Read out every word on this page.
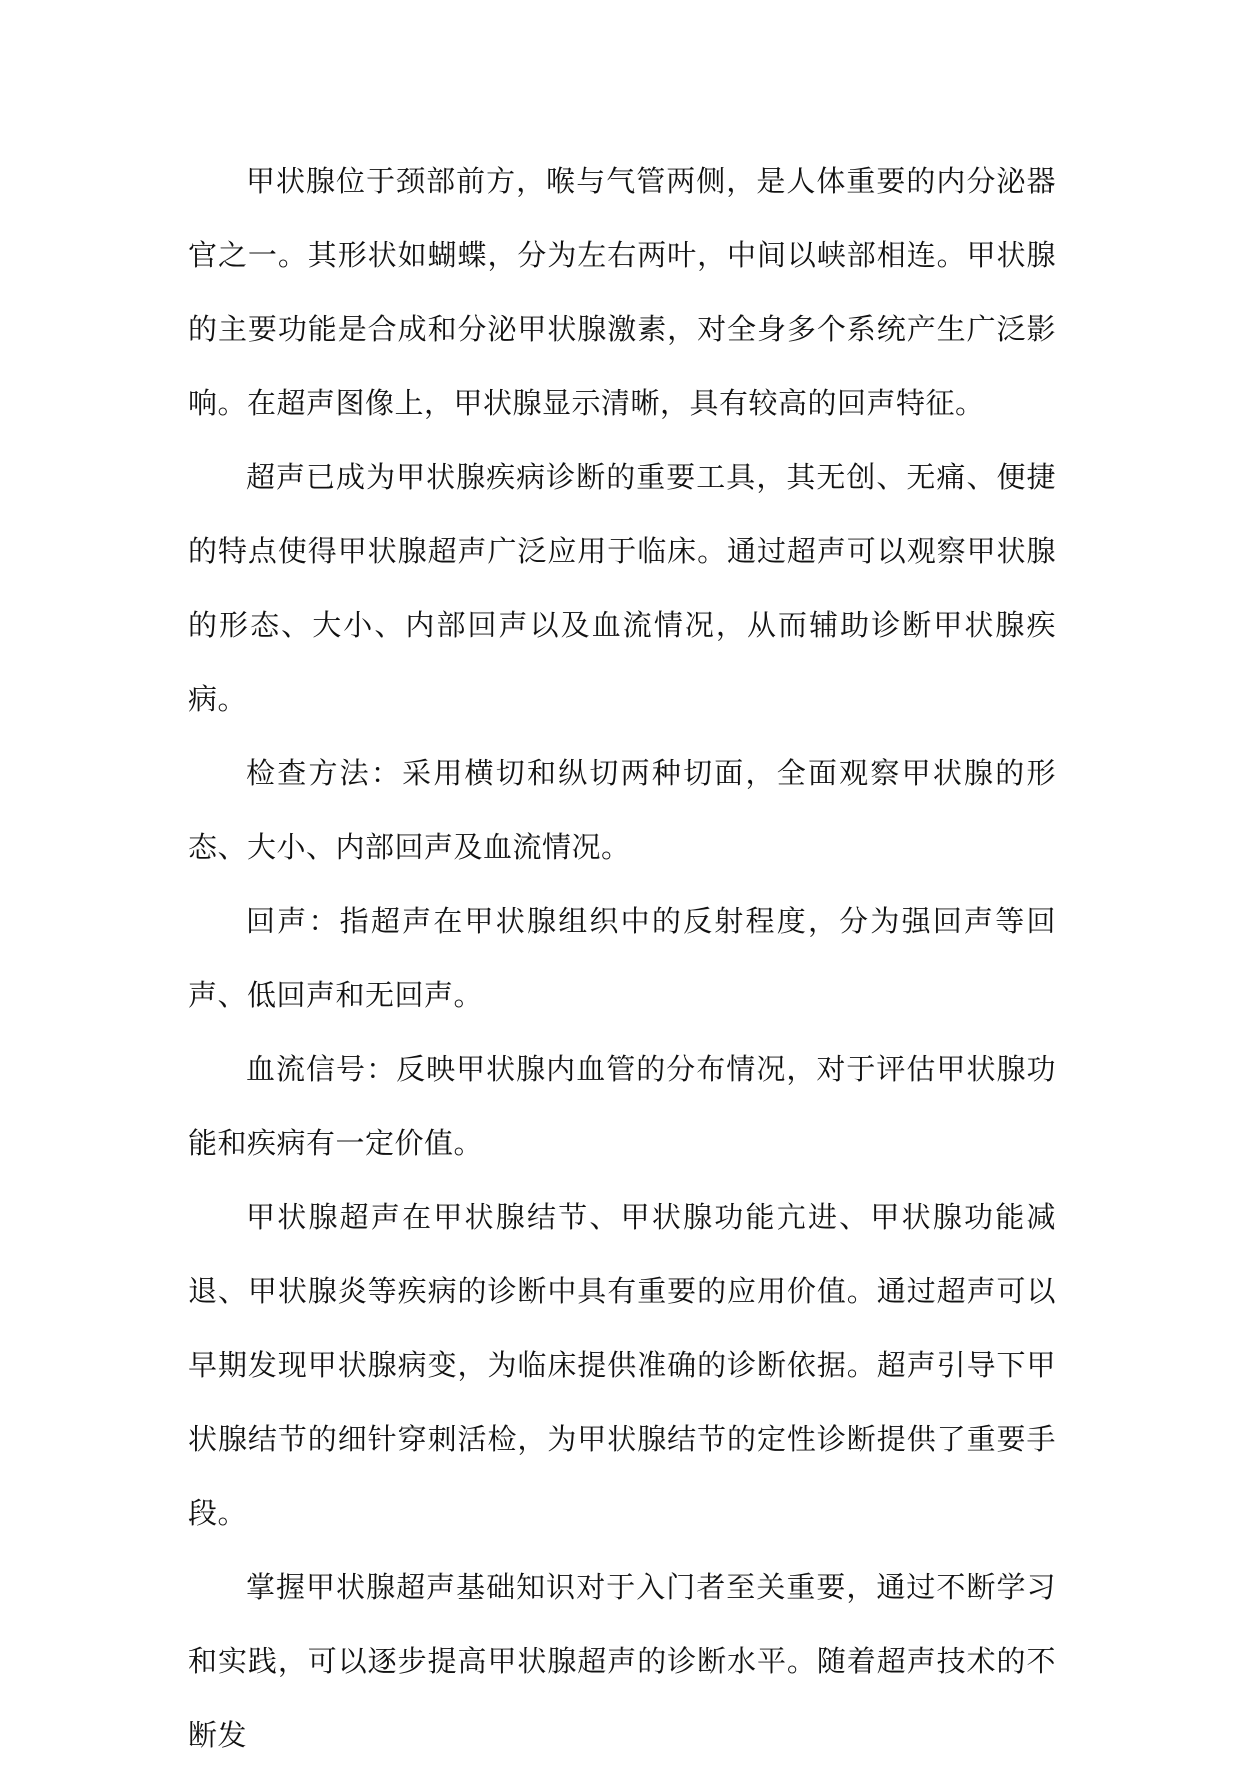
甲状腺位于颈部前方，喉与气管两侧，是人体重要的内分泌器官之一。其形状如蝴蝶，分为左右两叶，中间以峡部相连。甲状腺的主要功能是合成和分泌甲状腺激素，对全身多个系统产生广泛影响。在超声图像上，甲状腺显示清晰，具有较高的回声特征。

超声已成为甲状腺疾病诊断的重要工具，其无创、无痛、便捷的特点使得甲状腺超声广泛应用于临床。通过超声可以观察甲状腺的形态、大小、内部回声以及血流情况，从而辅助诊断甲状腺疾病。

检查方法：采用横切和纵切两种切面，全面观察甲状腺的形态、大小、内部回声及血流情况。

回声：指超声在甲状腺组织中的反射程度，分为强回声等回声、低回声和无回声。

血流信号：反映甲状腺内血管的分布情况，对于评估甲状腺功能和疾病有一定价值。

甲状腺超声在甲状腺结节、甲状腺功能亢进、甲状腺功能减退、甲状腺炎等疾病的诊断中具有重要的应用价值。通过超声可以早期发现甲状腺病变，为临床提供准确的诊断依据。超声引导下甲状腺结节的细针穿刺活检，为甲状腺结节的定性诊断提供了重要手段。

掌握甲状腺超声基础知识对于入门者至关重要，通过不断学习和实践，可以逐步提高甲状腺超声的诊断水平。随着超声技术的不断发
